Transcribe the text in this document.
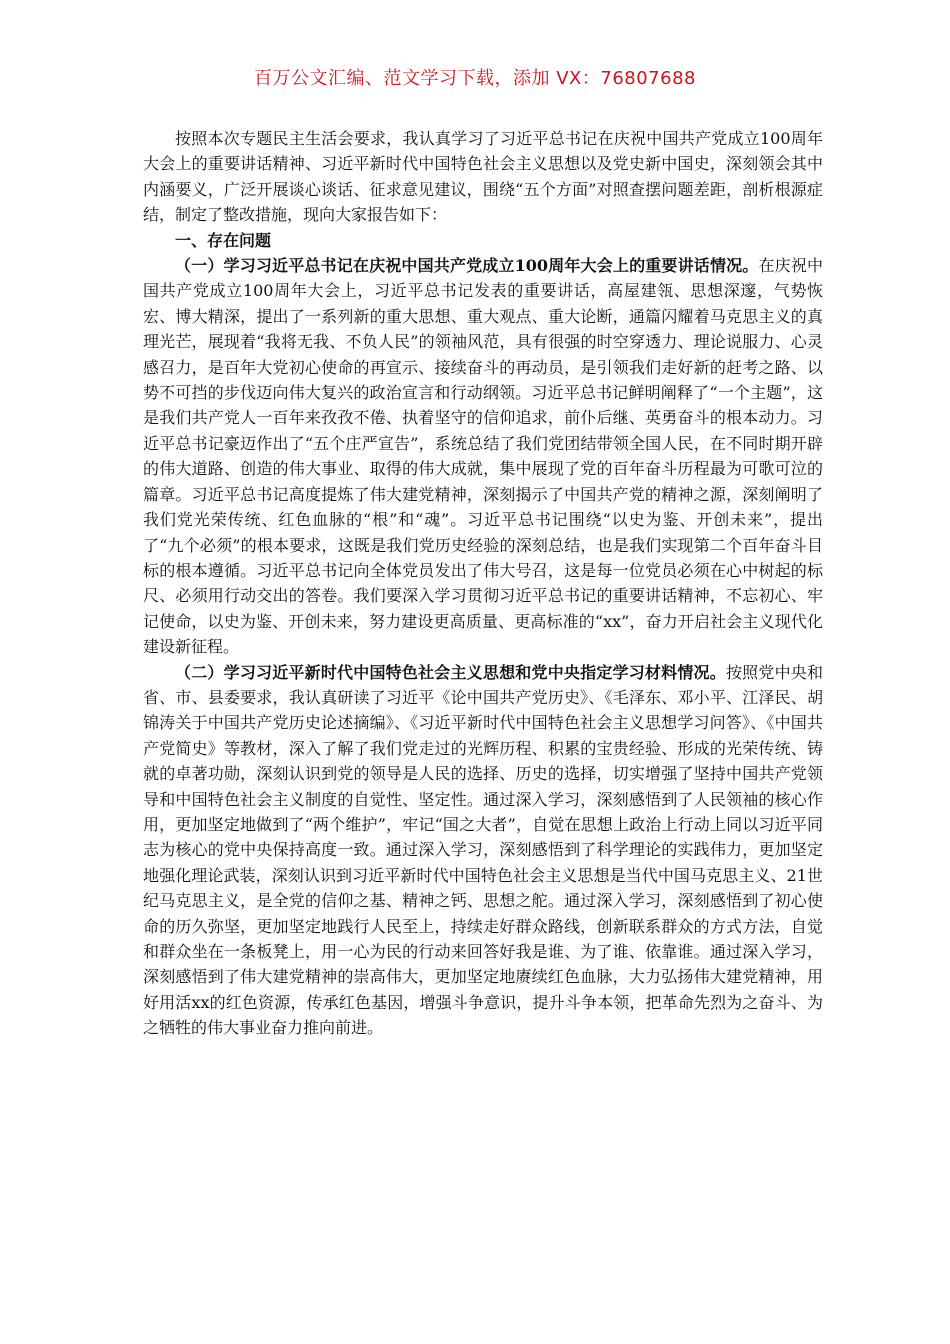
百万公文汇编、范文学习下载，添加 VX：76807688

按照本次专题民主生活会要求，我认真学习了习近平总书记在庆祝中国共产党成立100周年大会上的重要讲话精神、习近平新时代中国特色社会主义思想以及党史新中国史，深刻领会其中内涵要义，广泛开展谈心谈话、征求意见建议，围绕“五个方面”对照查摆问题差距，剖析根源症结，制定了整改措施，现向大家报告如下：

一、存在问题

（一）学习习近平总书记在庆祝中国共产党成立100周年大会上的重要讲话情况。在庆祝中国共产党成立100周年大会上，习近平总书记发表的重要讲话，高屋建瓴、思想深邃，气势恢宏、博大精深，提出了一系列新的重大思想、重大观点、重大论断，通篇闪耀着马克思主义的真理光芒，展现着“我将无我、不负人民”的领袖风范，具有很强的时空穿透力、理论说服力、心灵感召力，是百年大党初心使命的再宣示、接续奋斗的再动员，是引领我们走好新的赶考之路、以势不可挡的步伐迈向伟大复兴的政治宣言和行动纲领。习近平总书记鲜明阐释了“一个主题”，这是我们共产党人一百年来孜孜不倦、执着坚守的信仰追求，前仆后继、英勇奋斗的根本动力。习近平总书记豪迈作出了“五个庄严宣告”，系统总结了我们党团结带领全国人民，在不同时期开辟的伟大道路、创造的伟大事业、取得的伟大成就，集中展现了党的百年奋斗历程最为可歌可泣的篇章。习近平总书记高度提炼了伟大建党精神，深刻揭示了中国共产党的精神之源，深刻阐明了我们党光荣传统、红色血脉的“根”和“魂”。习近平总书记围绕“以史为鉴、开创未来”，提出了“九个必须”的根本要求，这既是我们党历史经验的深刻总结，也是我们实现第二个百年奋斗目标的根本遵循。习近平总书记向全体党员发出了伟大号召，这是每一位党员必须在心中树起的标尺、必须用行动交出的答卷。我们要深入学习贯彻习近平总书记的重要讲话精神，不忘初心、牢记使命，以史为鉴、开创未来，努力建设更高质量、更高标准的“xx”，奋力开启社会主义现代化建设新征程。

（二）学习习近平新时代中国特色社会主义思想和党中央指定学习材料情况。按照党中央和省、市、县委要求，我认真研读了习近平《论中国共产党历史》、《毛泽东、邓小平、江泽民、胡锦涛关于中国共产党历史论述摘编》、《习近平新时代中国特色社会主义思想学习问答》、《中国共产党简史》等教材，深入了解了我们党走过的光辉历程、积累的宝贵经验、形成的光荣传统、铸就的卓著功勋，深刻认识到党的领导是人民的选择、历史的选择，切实增强了坚持中国共产党领导和中国特色社会主义制度的自觉性、坚定性。通过深入学习，深刻感悟到了人民领袖的核心作用，更加坚定地做到了“两个维护”，牢记“国之大者”，自觉在思想上政治上行动上同以习近平同志为核心的党中央保持高度一致。通过深入学习，深刻感悟到了科学理论的实践伟力，更加坚定地强化理论武装，深刻认识到习近平新时代中国特色社会主义思想是当代中国马克思主义、21世纪马克思主义，是全党的信仰之基、精神之钙、思想之舵。通过深入学习，深刻感悟到了初心使命的历久弥坚，更加坚定地践行人民至上，持续走好群众路线，创新联系群众的方式方法，自觉和群众坐在一条板凳上，用一心为民的行动来回答好我是谁、为了谁、依靠谁。通过深入学习，深刻感悟到了伟大建党精神的崇高伟大，更加坚定地赓续红色血脉，大力弘扬伟大建党精神，用好用活xx的红色资源，传承红色基因，增强斗争意识，提升斗争本领，把革命先烈为之奋斗、为之牺牲的伟大事业奋力推向前进。
